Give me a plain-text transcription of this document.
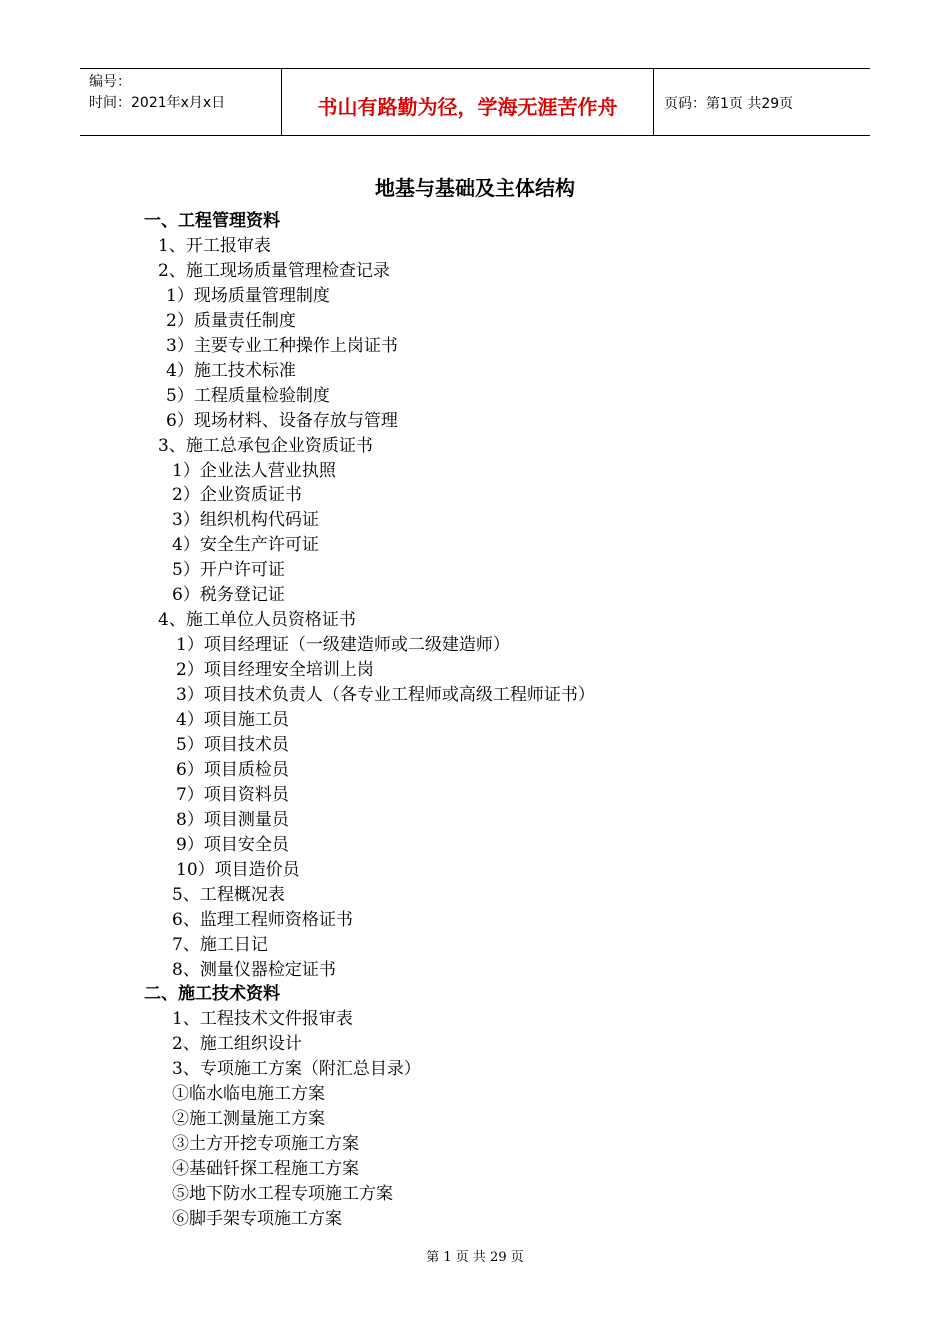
编号：
时间：2021年x月x日	书山有路勤为径，学海无涯苦作舟	页码：第1页 共29页
地基与基础及主体结构
一、工程管理资料
1、开工报审表
2、施工现场质量管理检查记录
1）现场质量管理制度
2）质量责任制度
3）主要专业工种操作上岗证书
4）施工技术标准
5）工程质量检验制度
6）现场材料、设备存放与管理
3、施工总承包企业资质证书
1）企业法人营业执照
2）企业资质证书
3）组织机构代码证
4）安全生产许可证
5）开户许可证
6）税务登记证
4、施工单位人员资格证书
1）项目经理证（一级建造师或二级建造师）
2）项目经理安全培训上岗
3）项目技术负责人（各专业工程师或高级工程师证书）
4）项目施工员
5）项目技术员
6）项目质检员
7）项目资料员
8）项目测量员
9）项目安全员
10）项目造价员
5、工程概况表
6、监理工程师资格证书
7、施工日记
8、测量仪器检定证书
二、施工技术资料
1、工程技术文件报审表
2、施工组织设计
3、专项施工方案（附汇总目录）
①临水临电施工方案
②施工测量施工方案
③土方开挖专项施工方案
④基础钎探工程施工方案
⑤地下防水工程专项施工方案
⑥脚手架专项施工方案
第 1 页 共 29 页
